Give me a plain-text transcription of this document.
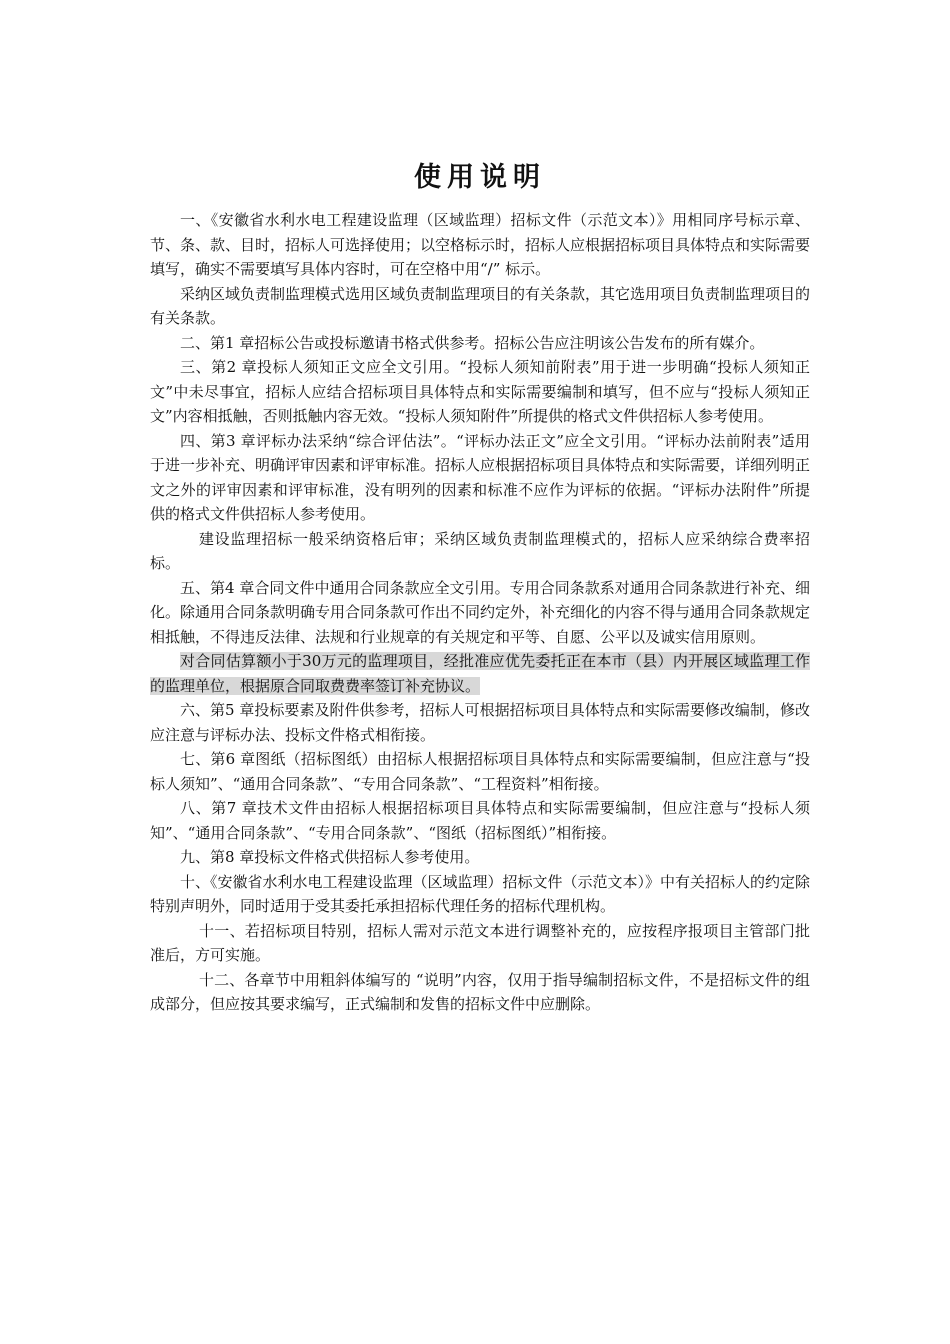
使用说明

一、《安徽省水利水电工程建设监理（区域监理）招标文件（示范文本）》用相同序号标示章、节、条、款、目时，招标人可选择使用；以空格标示时，招标人应根据招标项目具体特点和实际需要填写，确实不需要填写具体内容时，可在空格中用“/” 标示。

采纳区域负责制监理模式选用区域负责制监理项目的有关条款，其它选用项目负责制监理项目的有关条款。

二、第1 章招标公告或投标邀请书格式供参考。招标公告应注明该公告发布的所有媒介。

三、第2 章投标人须知正文应全文引用。“投标人须知前附表”用于进一步明确“投标人须知正文”中未尽事宜，招标人应结合招标项目具体特点和实际需要编制和填写，但不应与“投标人须知正文”内容相抵触，否则抵触内容无效。“投标人须知附件”所提供的格式文件供招标人参考使用。

四、第3 章评标办法采纳“综合评估法”。“评标办法正文”应全文引用。“评标办法前附表”适用于进一步补充、明确评审因素和评审标准。招标人应根据招标项目具体特点和实际需要，详细列明正文之外的评审因素和评审标准，没有明列的因素和标准不应作为评标的依据。“评标办法附件”所提供的格式文件供招标人参考使用。

建设监理招标一般采纳资格后审；采纳区域负责制监理模式的，招标人应采纳综合费率招标。

五、第4 章合同文件中通用合同条款应全文引用。专用合同条款系对通用合同条款进行补充、细化。除通用合同条款明确专用合同条款可作出不同约定外，补充细化的内容不得与通用合同条款规定相抵触，不得违反法律、法规和行业规章的有关规定和平等、自愿、公平以及诚实信用原则。

对合同估算额小于30万元的监理项目，经批准应优先委托正在本市（县）内开展区域监理工作的监理单位，根据原合同取费费率签订补充协议。

六、第5 章投标要素及附件供参考，招标人可根据招标项目具体特点和实际需要修改编制，修改应注意与评标办法、投标文件格式相衔接。

七、第6 章图纸（招标图纸）由招标人根据招标项目具体特点和实际需要编制，但应注意与“投标人须知”、“通用合同条款”、“专用合同条款”、“工程资料”相衔接。

八、第7 章技术文件由招标人根据招标项目具体特点和实际需要编制，但应注意与“投标人须知”、“通用合同条款”、“专用合同条款”、“图纸（招标图纸）”相衔接。

九、第8 章投标文件格式供招标人参考使用。

十、《安徽省水利水电工程建设监理（区域监理）招标文件（示范文本）》中有关招标人的约定除特别声明外，同时适用于受其委托承担招标代理任务的招标代理机构。

十一、若招标项目特别，招标人需对示范文本进行调整补充的，应按程序报项目主管部门批准后，方可实施。

十二、各章节中用粗斜体编写的 “说明”内容，仅用于指导编制招标文件，不是招标文件的组成部分，但应按其要求编写，正式编制和发售的招标文件中应删除。
